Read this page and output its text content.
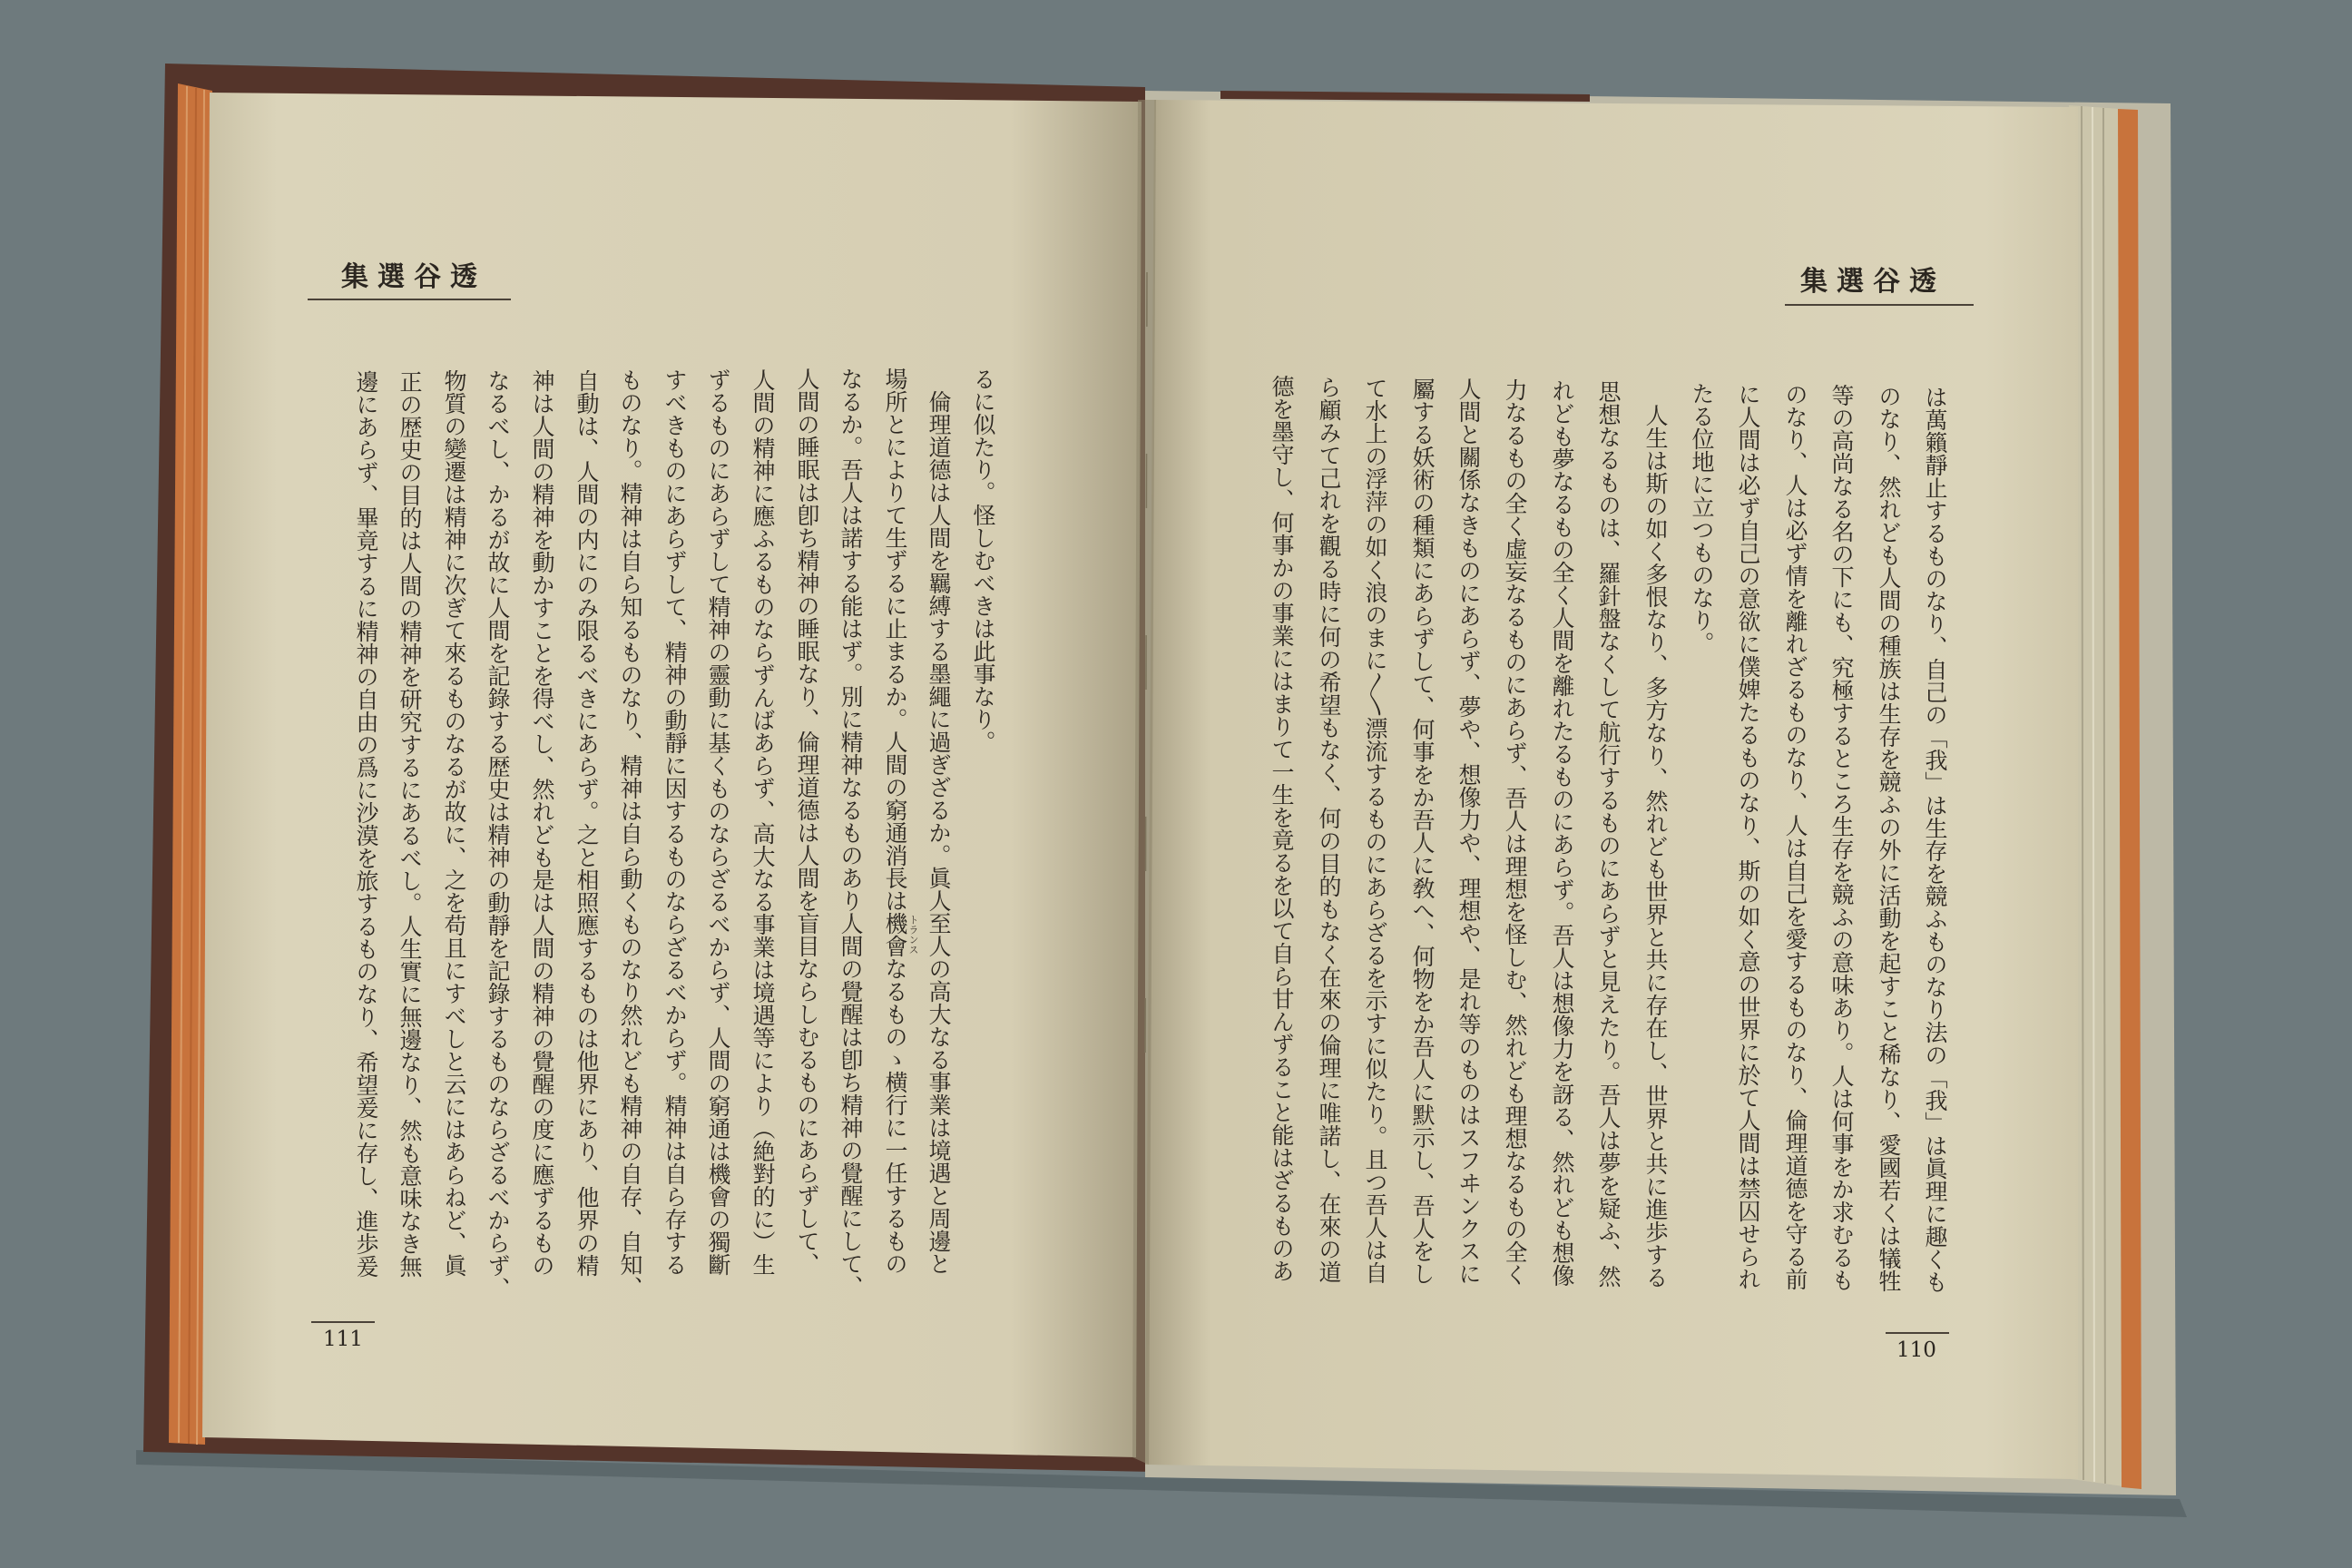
集選谷透
るに似たり。怪しむべきは此事なり。
倫理道德は人間を羈縛する墨繩に過ぎざるか。眞人至人の高大なる事業は境遇と周邊と
場所とによりて生ずるに止まるか。人間の窮通消長は機會なるものゝ横行に一任するもの トランス
なるか。吾人は諾する能はず。別に精神なるものあり人間の覺醒は卽ち精神の覺醒にして、
人間の睡眠は卽ち精神の睡眠なり、倫理道德は人間を盲目ならしむるものにあらずして、
人間の精神に應ふるものならずんばあらず、高大なる事業は境遇等により（絶對的に）生
ずるものにあらずして精神の靈動に基くものならざるべからず、人間の窮通は機會の獨斷
すべきものにあらずして、精神の動靜に因するものならざるべからず。精神は自ら存する
ものなり。精神は自ら知るものなり、精神は自ら動くものなり然れども精神の自存、自知、
自動は、人間の内にのみ限るべきにあらず。之と相照應するものは他界にあり、他界の精
神は人間の精神を動かすことを得べし、然れども是は人間の精神の覺醒の度に應ずるもの
なるべし、かるが故に人間を記錄する歴史は精神の動靜を記錄するものならざるべからず、
物質の變遷は精神に次ぎて來るものなるが故に、之を苟且にすべしと云にはあらねど、眞
正の歴史の目的は人間の精神を研究するにあるべし。人生實に無邊なり、然も意味なき無
邊にあらず、畢竟するに精神の自由の爲に沙漠を旅するものなり、希望爰に存し、進歩爰
111
集選谷透
は萬籟靜止するものなり、自己の「我」は生存を競ふものなり法の「我」は眞理に趣くも
のなり、然れども人間の種族は生存を競ふの外に活動を起すこと稀なり、愛國若くは犠牲
等の高尚なる名の下にも、究極するところ生存を競ふの意味あり。人は何事をか求むるも
のなり、人は必ず情を離れざるものなり、人は自己を愛するものなり、倫理道德を守る前
に人間は必ず自己の意欲に僕婢たるものなり、斯の如く意の世界に於て人間は禁囚せられ
たる位地に立つものなり。
人生は斯の如く多恨なり、多方なり、然れども世界と共に存在し、世界と共に進歩する
思想なるものは、羅針盤なくして航行するものにあらずと見えたり。吾人は夢を疑ふ、然
れども夢なるもの全く人間を離れたるものにあらず。吾人は想像力を訝る、然れども想像
力なるもの全く虛妄なるものにあらず、吾人は理想を怪しむ、然れども理想なるもの全く
人間と關係なきものにあらず、夢や、想像力や、理想や、是れ等のものはスフヰンクスに
屬する妖術の種類にあらずして、何事をか吾人に敎へ、何物をか吾人に默示し、吾人をし
て水上の浮萍の如く浪のまに〳〵漂流するものにあらざるを示すに似たり。且つ吾人は自
ら顧みて己れを觀る時に何の希望もなく、何の目的もなく在來の倫理に唯諾し、在來の道
德を墨守し、何事かの事業にはまりて一生を竟るを以て自ら甘んずること能はざるものあ
110
